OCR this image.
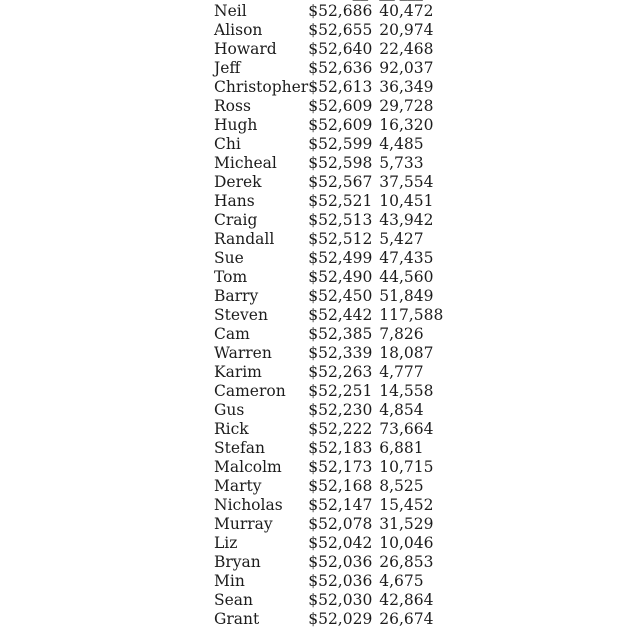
Neil	$52,686	40,472
Alison	$52,655	20,974
Howard	$52,640	22,468
Jeff	$52,636	92,037
Christopher	$52,613	36,349
Ross	$52,609	29,728
Hugh	$52,609	16,320
Chi	$52,599	4,485
Micheal	$52,598	5,733
Derek	$52,567	37,554
Hans	$52,521	10,451
Craig	$52,513	43,942
Randall	$52,512	5,427
Sue	$52,499	47,435
Tom	$52,490	44,560
Barry	$52,450	51,849
Steven	$52,442	117,588
Cam	$52,385	7,826
Warren	$52,339	18,087
Karim	$52,263	4,777
Cameron	$52,251	14,558
Gus	$52,230	4,854
Rick	$52,222	73,664
Stefan	$52,183	6,881
Malcolm	$52,173	10,715
Marty	$52,168	8,525
Nicholas	$52,147	15,452
Murray	$52,078	31,529
Liz	$52,042	10,046
Bryan	$52,036	26,853
Min	$52,036	4,675
Sean	$52,030	42,864
Grant	$52,029	26,674
